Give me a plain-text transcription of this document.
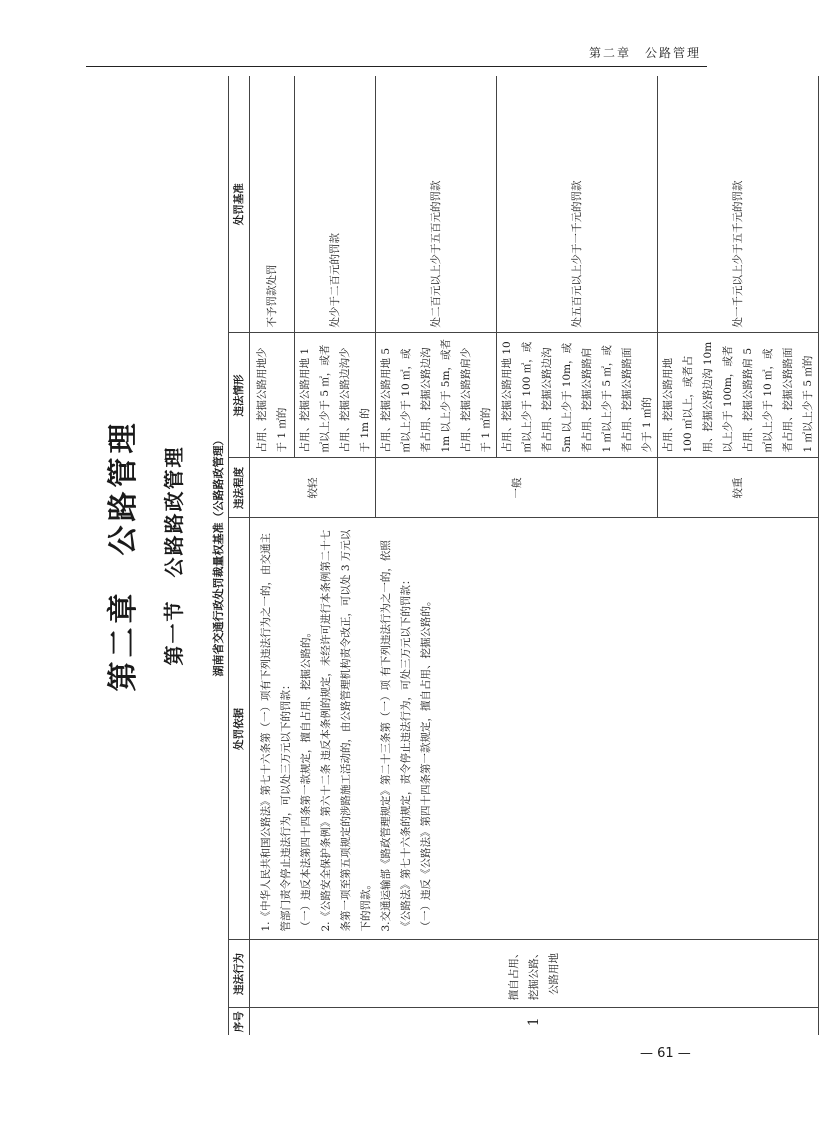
第二章　公路管理
第二章　公路管理 第一节　公路路政管理 湖南省交通行政处罚裁量权基准（公路路政管理）
序号	违法行为	处罚依据	违法程度	违法情形	处罚基准
1	擅自占用、挖掘公路、公路用地	1.《中华人民共和国公路法》第七十六条第（一）项有下列违法行为之一的，由交通主管部门责令停止违法行为，可以处三万元以下的罚款： （一）违反本法第四十四条第一款规定，擅自占用、挖掘公路的。 2.《公路安全保护条例》第六十二条 违反本条例的规定，未经许可进行本条例第二十七条第一项至第五项规定的涉路施工活动的，由公路管理机构责令改正，可以处 3 万元以下的罚款。 3.交通运输部《路政管理规定》第二十三条第（一）项 有下列违法行为之一的，依照《公路法》第七十六条的规定，责令停止违法行为，可处三万元以下的罚款： （一）违反《公路法》第四十四条第一款规定，擅自占用、挖掘公路的。	较轻	占用、挖掘公路用地少于 1 ㎡的	不予罚款处罚
				占用、挖掘公路用地 1 ㎡以上少于 5 ㎡，或者占用、挖掘公路边沟少于 1m 的	处少于二百元的罚款
			一般	占用、挖掘公路用地 5 ㎡以上少于 10 ㎡，或者占用、挖掘公路边沟 1m 以上少于 5m，或者占用、挖掘公路路肩少于 1 ㎡的	处二百元以上少于五百元的罚款
				占用、挖掘公路用地 10 ㎡以上少于 100 ㎡，或者占用、挖掘公路边沟 5m 以上少于 10m，或者占用、挖掘公路路肩 1 ㎡以上少于 5 ㎡，或者占用、挖掘公路路面少于 1 ㎡的	处五百元以上少于一千元的罚款
			较重	占用、挖掘公路用地 100 ㎡以上，或者占用、挖掘公路边沟 10m 以上少于 100m，或者占用、挖掘公路路肩 5 ㎡以上少于 10 ㎡，或者占用、挖掘公路路面 1 ㎡以上少于 5 ㎡的	处一千元以上少于五千元的罚款
— 61 —
